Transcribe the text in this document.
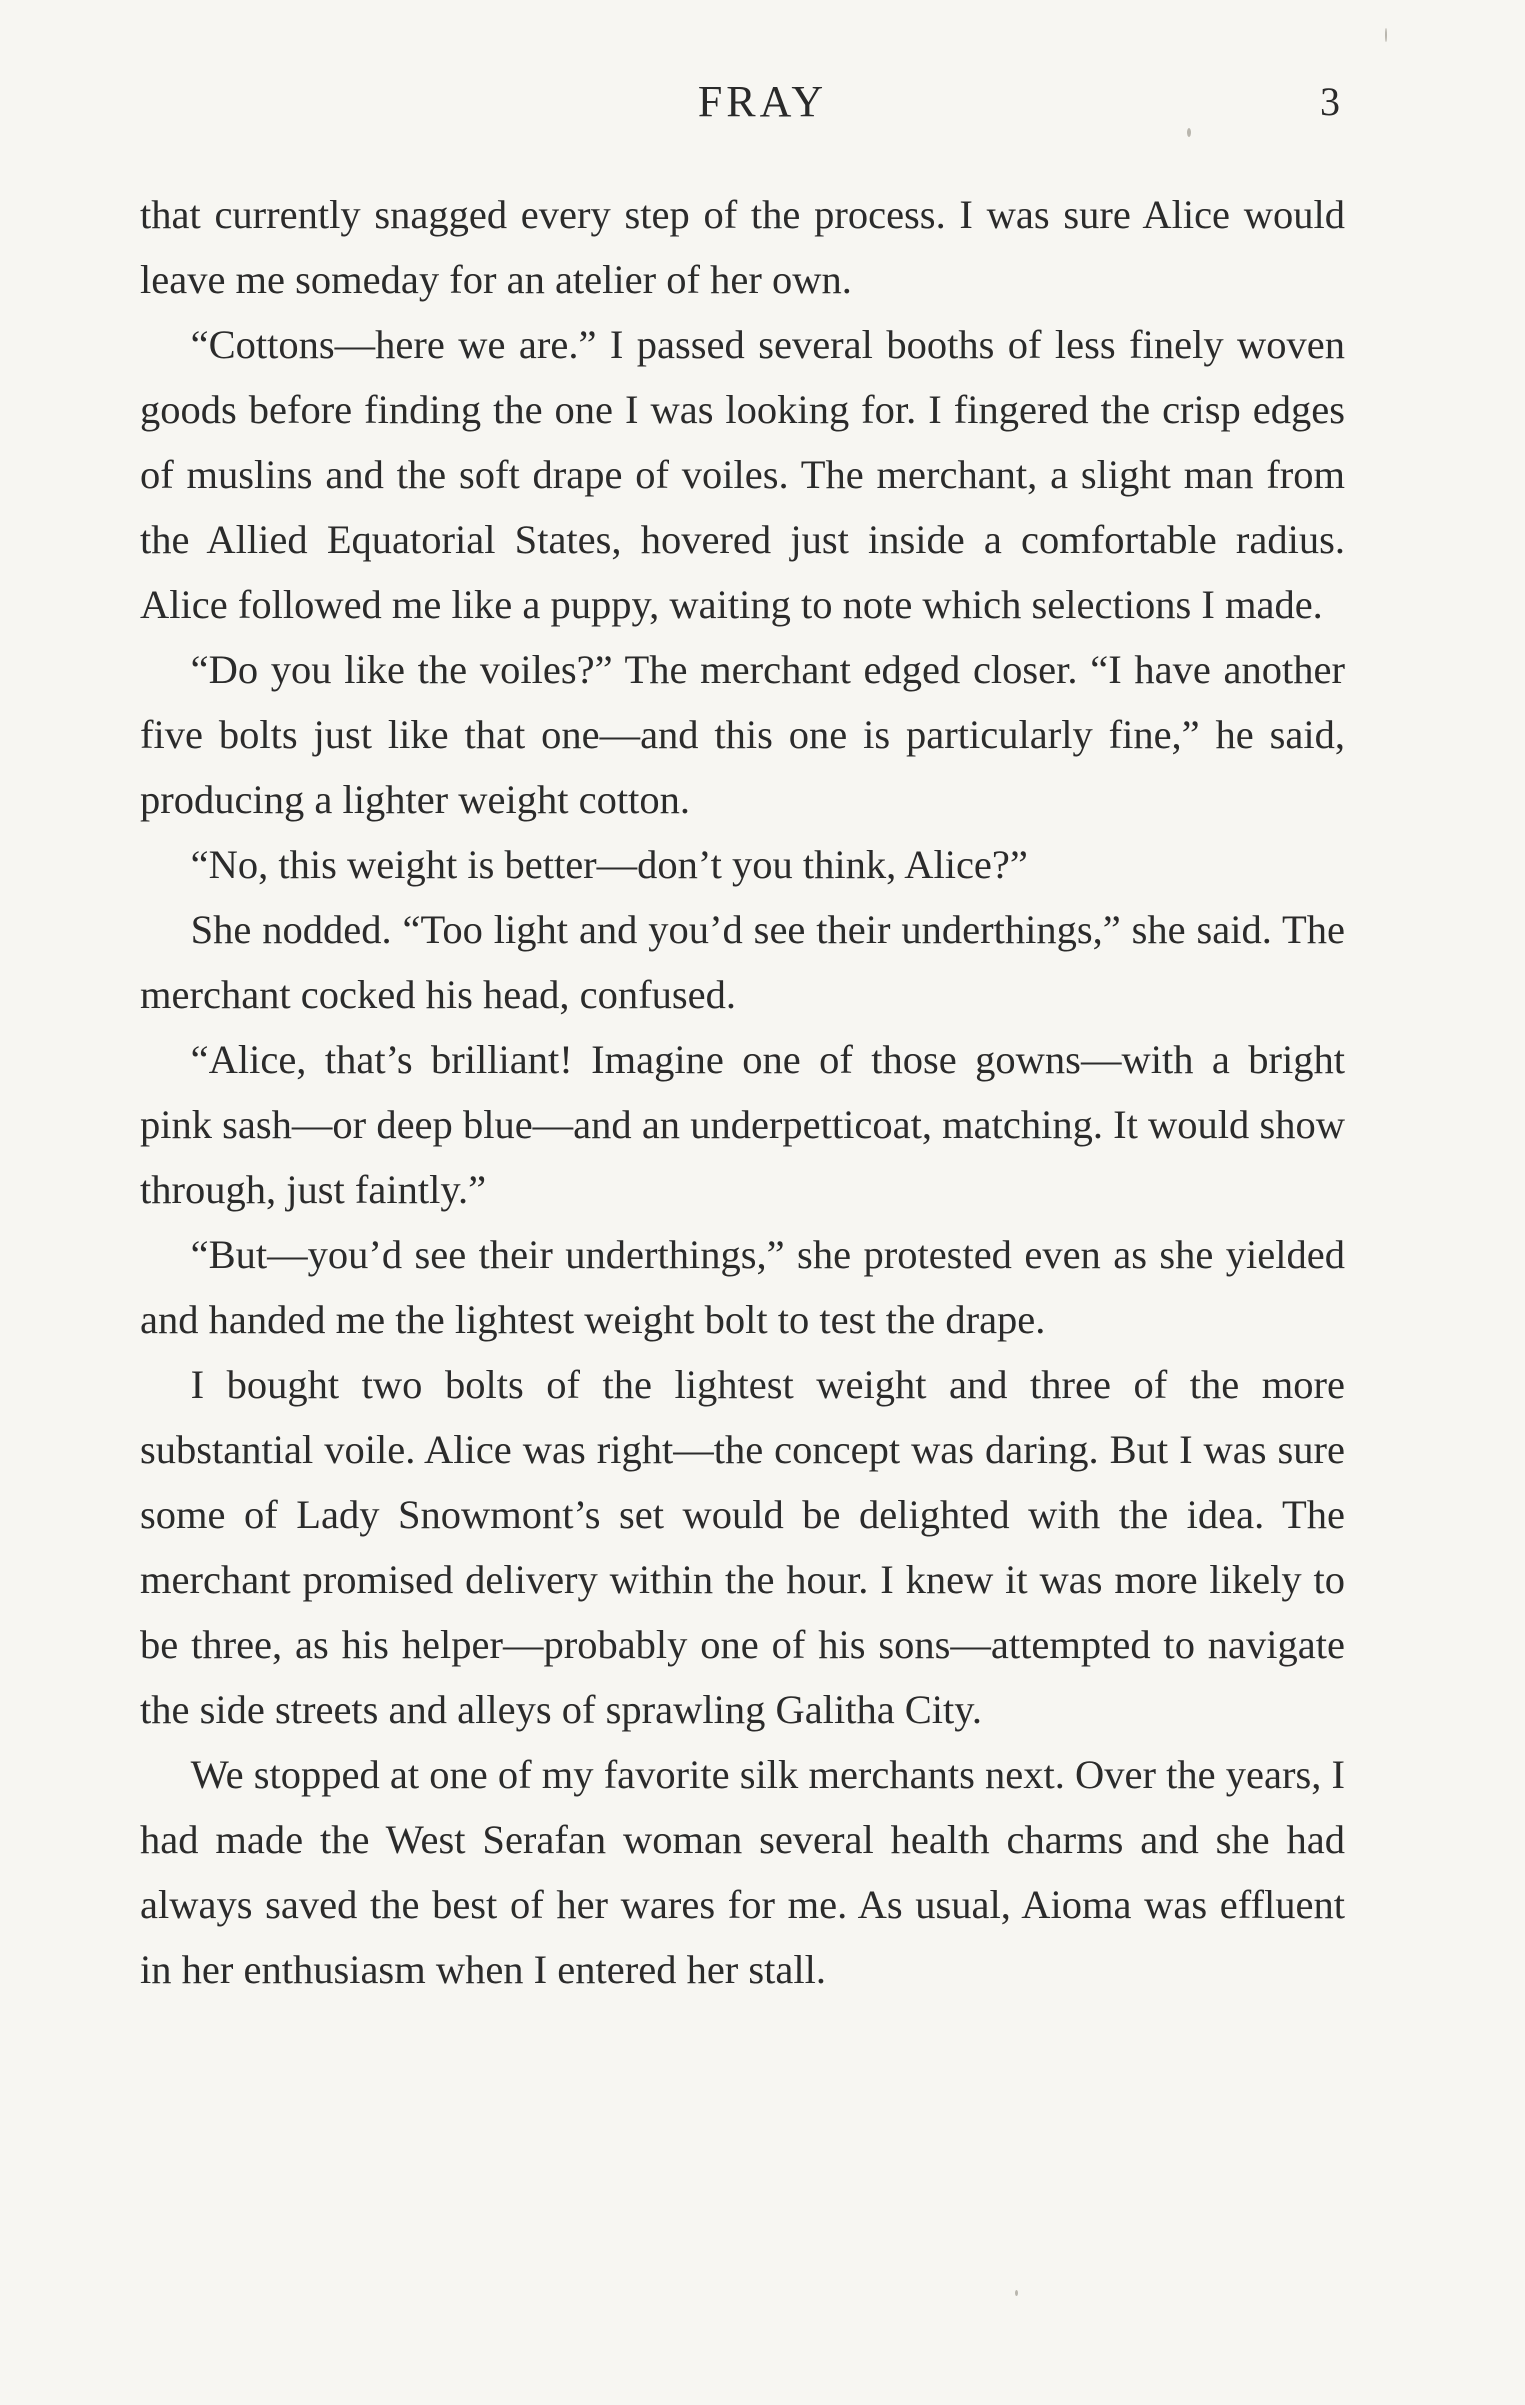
FRAY	3

that currently snagged every step of the process. I was sure Alice would leave me someday for an atelier of her own.

“Cottons—here we are.” I passed several booths of less finely woven goods before finding the one I was looking for. I fingered the crisp edges of muslins and the soft drape of voiles. The merchant, a slight man from the Allied Equatorial States, hovered just inside a comfortable radius. Alice followed me like a puppy, waiting to note which selections I made.

“Do you like the voiles?” The merchant edged closer. “I have another five bolts just like that one—and this one is particularly fine,” he said, producing a lighter weight cotton.

“No, this weight is better—don’t you think, Alice?”

She nodded. “Too light and you’d see their underthings,” she said. The merchant cocked his head, confused.

“Alice, that’s brilliant! Imagine one of those gowns—with a bright pink sash—or deep blue—and an underpetticoat, matching. It would show through, just faintly.”

“But—you’d see their underthings,” she protested even as she yielded and handed me the lightest weight bolt to test the drape.

I bought two bolts of the lightest weight and three of the more substantial voile. Alice was right—the concept was daring. But I was sure some of Lady Snowmont’s set would be delighted with the idea. The merchant promised delivery within the hour. I knew it was more likely to be three, as his helper—probably one of his sons—attempted to navigate the side streets and alleys of sprawling Galitha City.

We stopped at one of my favorite silk merchants next. Over the years, I had made the West Serafan woman several health charms and she had always saved the best of her wares for me. As usual, Aioma was effluent in her enthusiasm when I entered her stall.
